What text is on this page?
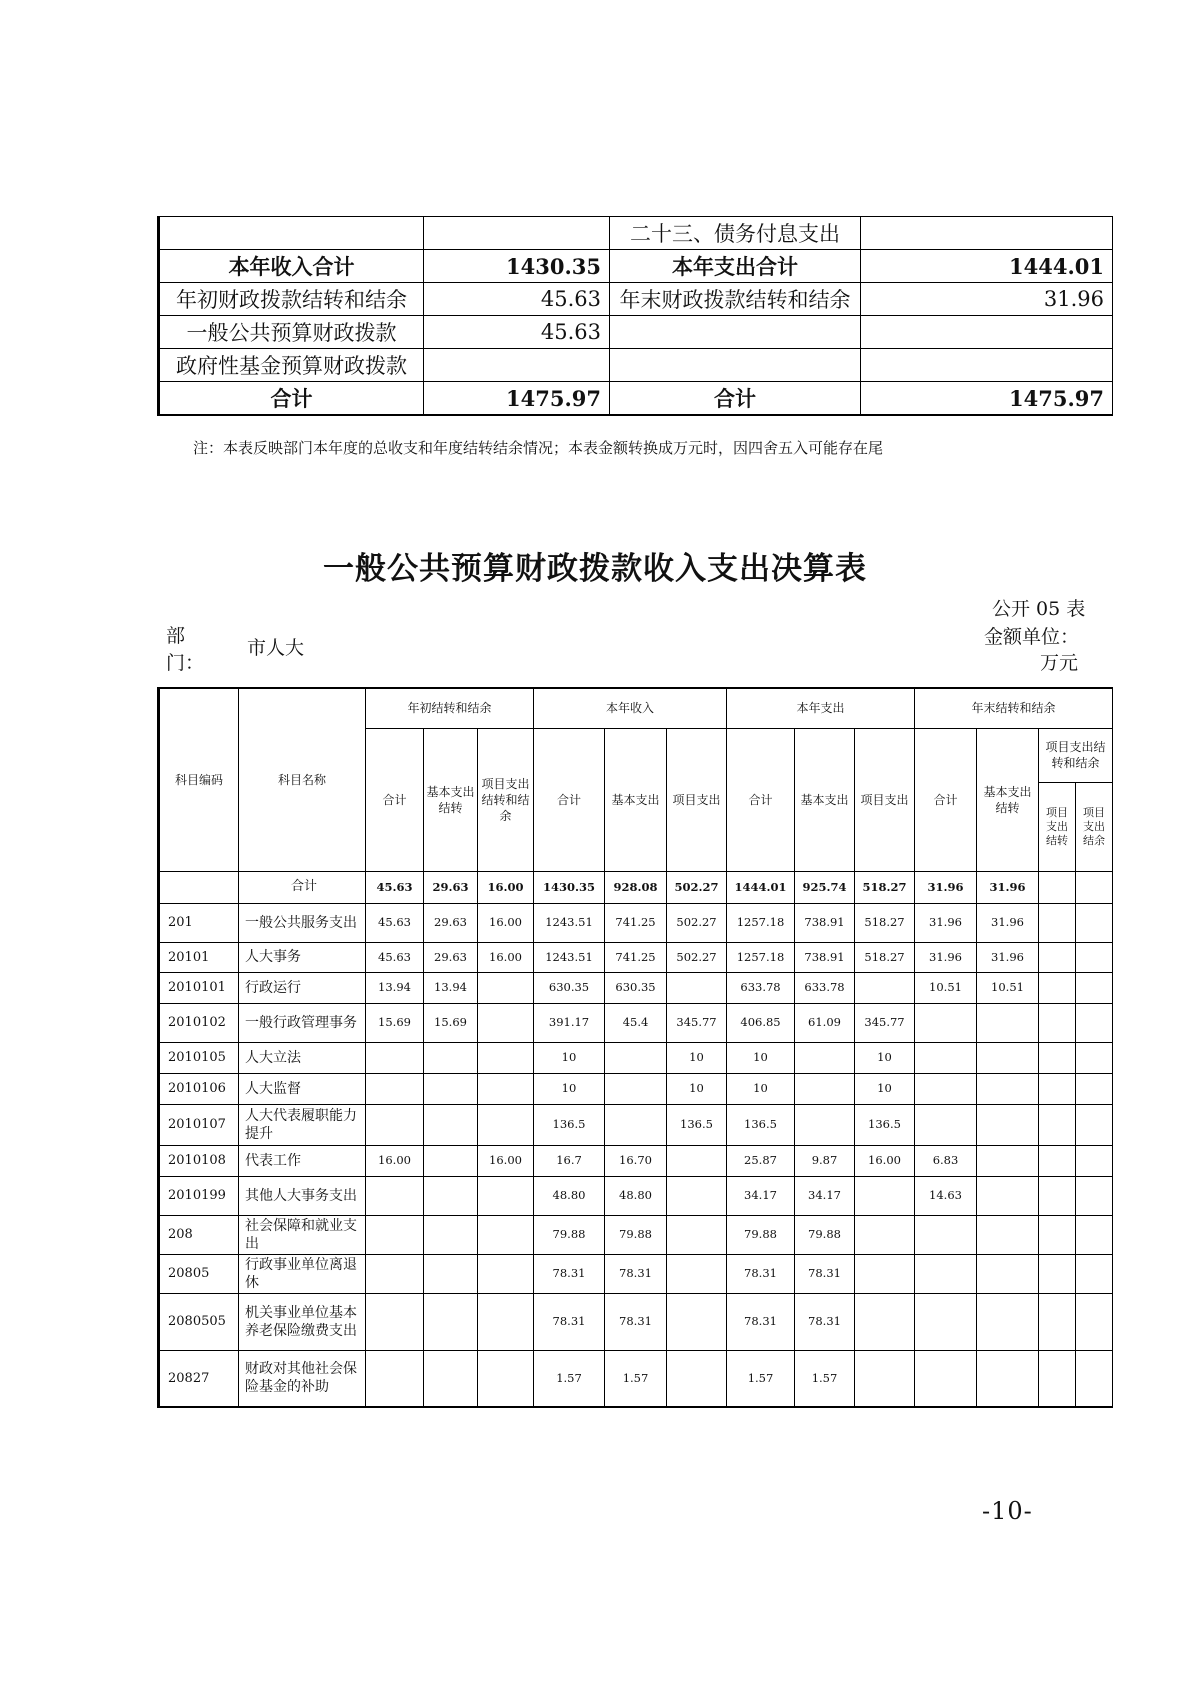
		二十三、债务付息支出	
本年收入合计	1430.35	本年支出合计	1444.01
年初财政拨款结转和结余	45.63	年末财政拨款结转和结余	31.96
一般公共预算财政拨款	45.63		
政府性基金预算财政拨款			
合计	1475.97	合计	1475.97
注：本表反映部门本年度的总收支和年度结转结余情况；本表金额转换成万元时，因四舍五入可能存在尾
一般公共预算财政拨款收入支出决算表
公开 05 表
部
门：
市人大	金额单位：
万元
科目编码	科目名称	年初结转和结余			本年收入			本年支出			年末结转和结余			
		合计	基本支出结转	项目支出结转和结余	合计	基本支出	项目支出	合计	基本支出	项目支出	合计	基本支出结转	项目支出结转和结余	
													项目支出结转	项目支出结余
	合计	45.63	29.63	16.00	1430.35	928.08	502.27	1444.01	925.74	518.27	31.96	31.96		
201	一般公共服务支出	45.63	29.63	16.00	1243.51	741.25	502.27	1257.18	738.91	518.27	31.96	31.96		
20101	人大事务	45.63	29.63	16.00	1243.51	741.25	502.27	1257.18	738.91	518.27	31.96	31.96		
2010101	行政运行	13.94	13.94		630.35	630.35		633.78	633.78		10.51	10.51		
2010102	一般行政管理事务	15.69	15.69		391.17	45.4	345.77	406.85	61.09	345.77				
2010105	人大立法				10		10	10		10				
2010106	人大监督				10		10	10		10				
2010107	人大代表履职能力提升				136.5		136.5	136.5		136.5				
2010108	代表工作	16.00		16.00	16.7	16.70		25.87	9.87	16.00	6.83			
2010199	其他人大事务支出				48.80	48.80		34.17	34.17		14.63			
208	社会保障和就业支出				79.88	79.88		79.88	79.88					
20805	行政事业单位离退休				78.31	78.31		78.31	78.31					
2080505	机关事业单位基本养老保险缴费支出				78.31	78.31		78.31	78.31					
20827	财政对其他社会保险基金的补助				1.57	1.57		1.57	1.57					
-10-
